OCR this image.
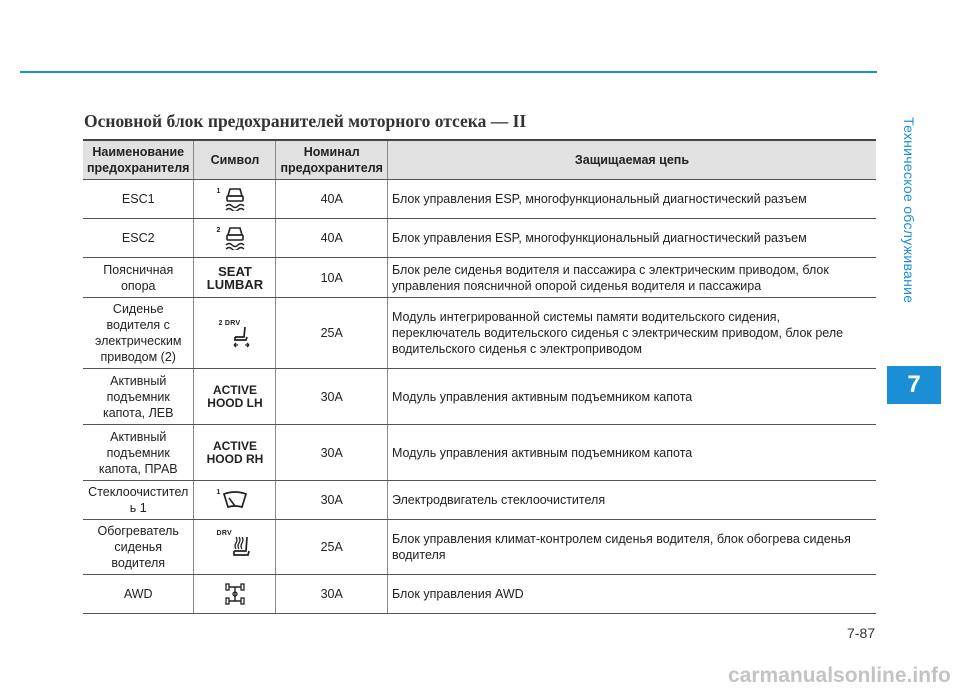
Техническое обслуживание
7
Основной блок предохранителей моторного отсека — II
Наименование предохранителя	Символ	Номинал предохранителя	Защищаемая цепь
ESC1	1	40A	Блок управления ESP, многофункциональный диагностический разъем
ESC2	2	40A	Блок управления ESP, многофункциональный диагностический разъем
Поясничная опора	SEAT LUMBAR	10A	Блок реле сиденья водителя и пассажира с электрическим приводом, блок управления поясничной опорой сиденья водителя и пассажира
Сиденье водителя с электрическим приводом (2)	2 DRV	25A	Модуль интегрированной системы памяти водительского сидения, переключатель водительского сиденья с электрическим приводом, блок реле водительского сиденья с электроприводом
Активный подъемник капота, ЛЕВ	ACTIVE HOOD LH	30A	Модуль управления активным подъемником капота
Активный подъемник капота, ПРАВ	ACTIVE HOOD RH	30A	Модуль управления активным подъемником капота
Стеклоочистител ь 1	1	30A	Электродвигатель стеклоочистителя
Обогреватель сиденья водителя	DRV	25A	Блок управления климат-контролем сиденья водителя, блок обогрева сиденья водителя
AWD		30A	Блок управления AWD
7-87
carmanualsonline.info
